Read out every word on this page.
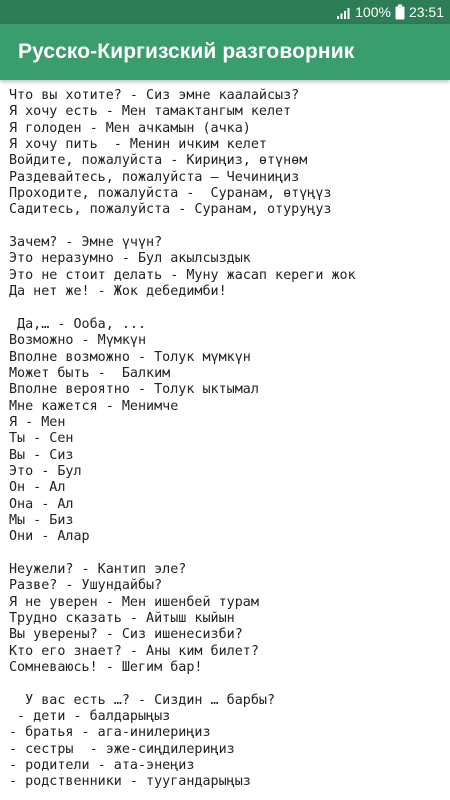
100% 23:51
Русско-Киргизский разговорник
Что вы хотите? - Сиз эмне каалайсыз?
Я хочу есть - Мен тамактангым келет
Я голоден - Мен ачкамын (ачка)
Я хочу пить  - Менин ичким келет
Войдите, пожалуйста - Кириңиз, өтүнөм
Раздевайтесь, пожалуйста – Чечиниңиз
Проходите, пожалуйста -  Суранам, өтүңүз
Садитесь, пожалуйста - Суранам, отуруңуз
Зачем? - Эмне үчүн?
Это неразумно - Бул акылсыздык
Это не стоит делать - Муну жасап кереги жок
Да нет же! - Жок дебедимби!
Да,… - Ооба, ...
Возможно - Мүмкүн
Вполне возможно - Толук мүмкүн
Может быть -  Балким
Вполне вероятно - Толук ыктымал
Мне кажется - Менимче
Я - Мен
Ты - Сен
Вы - Сиз
Это - Бул
Он - Ал
Она - Ал
Мы - Биз
Они - Алар
Неужели? - Кантип эле?
Разве? - Ушундайбы?
Я не уверен - Мен ишенбей турам
Трудно сказать - Айтыш кыйын
Вы уверены? - Сиз ишенесизби?
Кто его знает? - Аны ким билет?
Сомневаюсь! - Шегим бар!
У вас есть …? - Сиздин … барбы?
- дети - балдарыңыз
- братья - ага-инилериңиз
- сестры  - эже-сиңдилериңиз
- родители - ата-энеңиз
- родственники - туугандарыңыз
